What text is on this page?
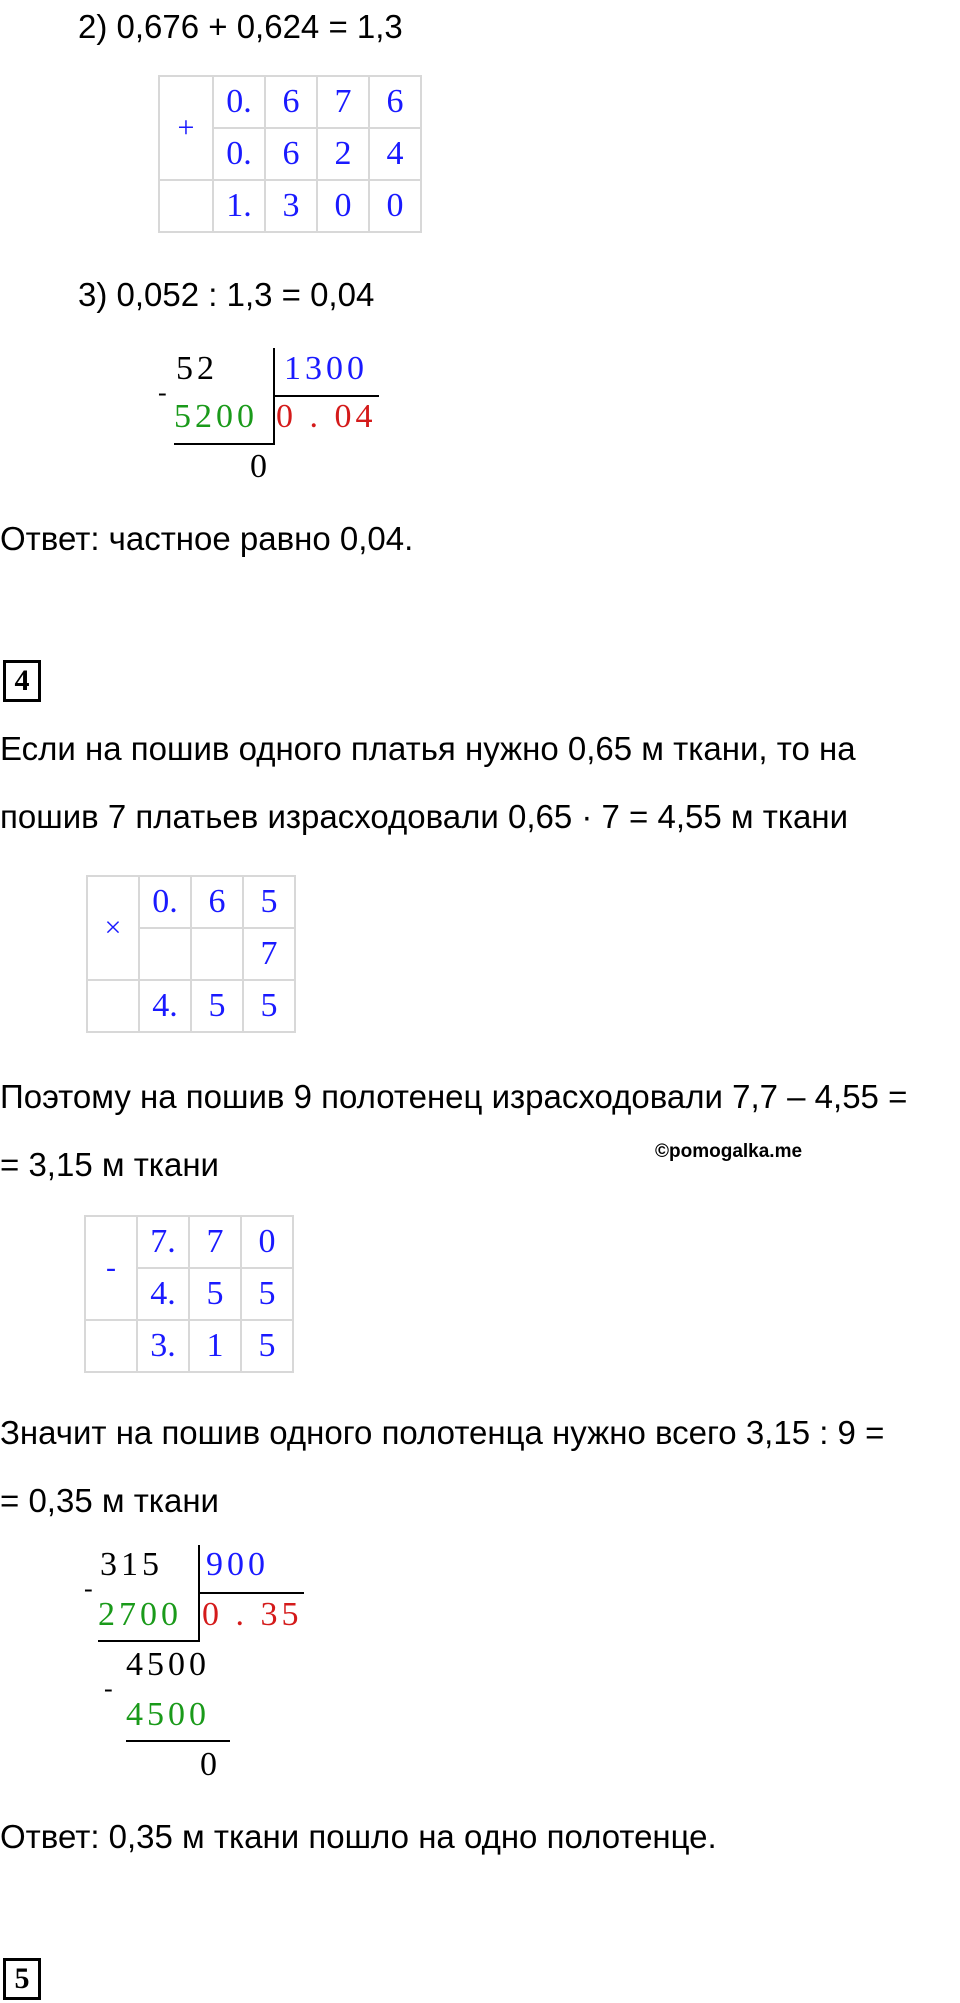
2) 0,676 + 0,624 = 1,3
+	0.	6	7	6
	0.	6	2	4
	1.	3	0	0
3) 0,052 : 1,3 = 0,04
52 1300
-
5200 0 . 04
0
Ответ: частное равно 0,04.
4
Если на пошив одного платья нужно 0,65 м ткани, то на
пошив 7 платьев израсходовали 0,65 · 7 = 4,55 м ткани
×	0.	6	5
			7
	4.	5	5
Поэтому на пошив 9 полотенец израсходовали 7,7 – 4,55 =
= 3,15 м ткани	©pomogalka.me
-	7.	7	0
	4.	5	5
	3.	1	5
Значит на пошив одного полотенца нужно всего 3,15 : 9 =
= 0,35 м ткани
315 900
-
2700 0 . 35
4500
-
4500
0
Ответ: 0,35 м ткани пошло на одно полотенце.
5
